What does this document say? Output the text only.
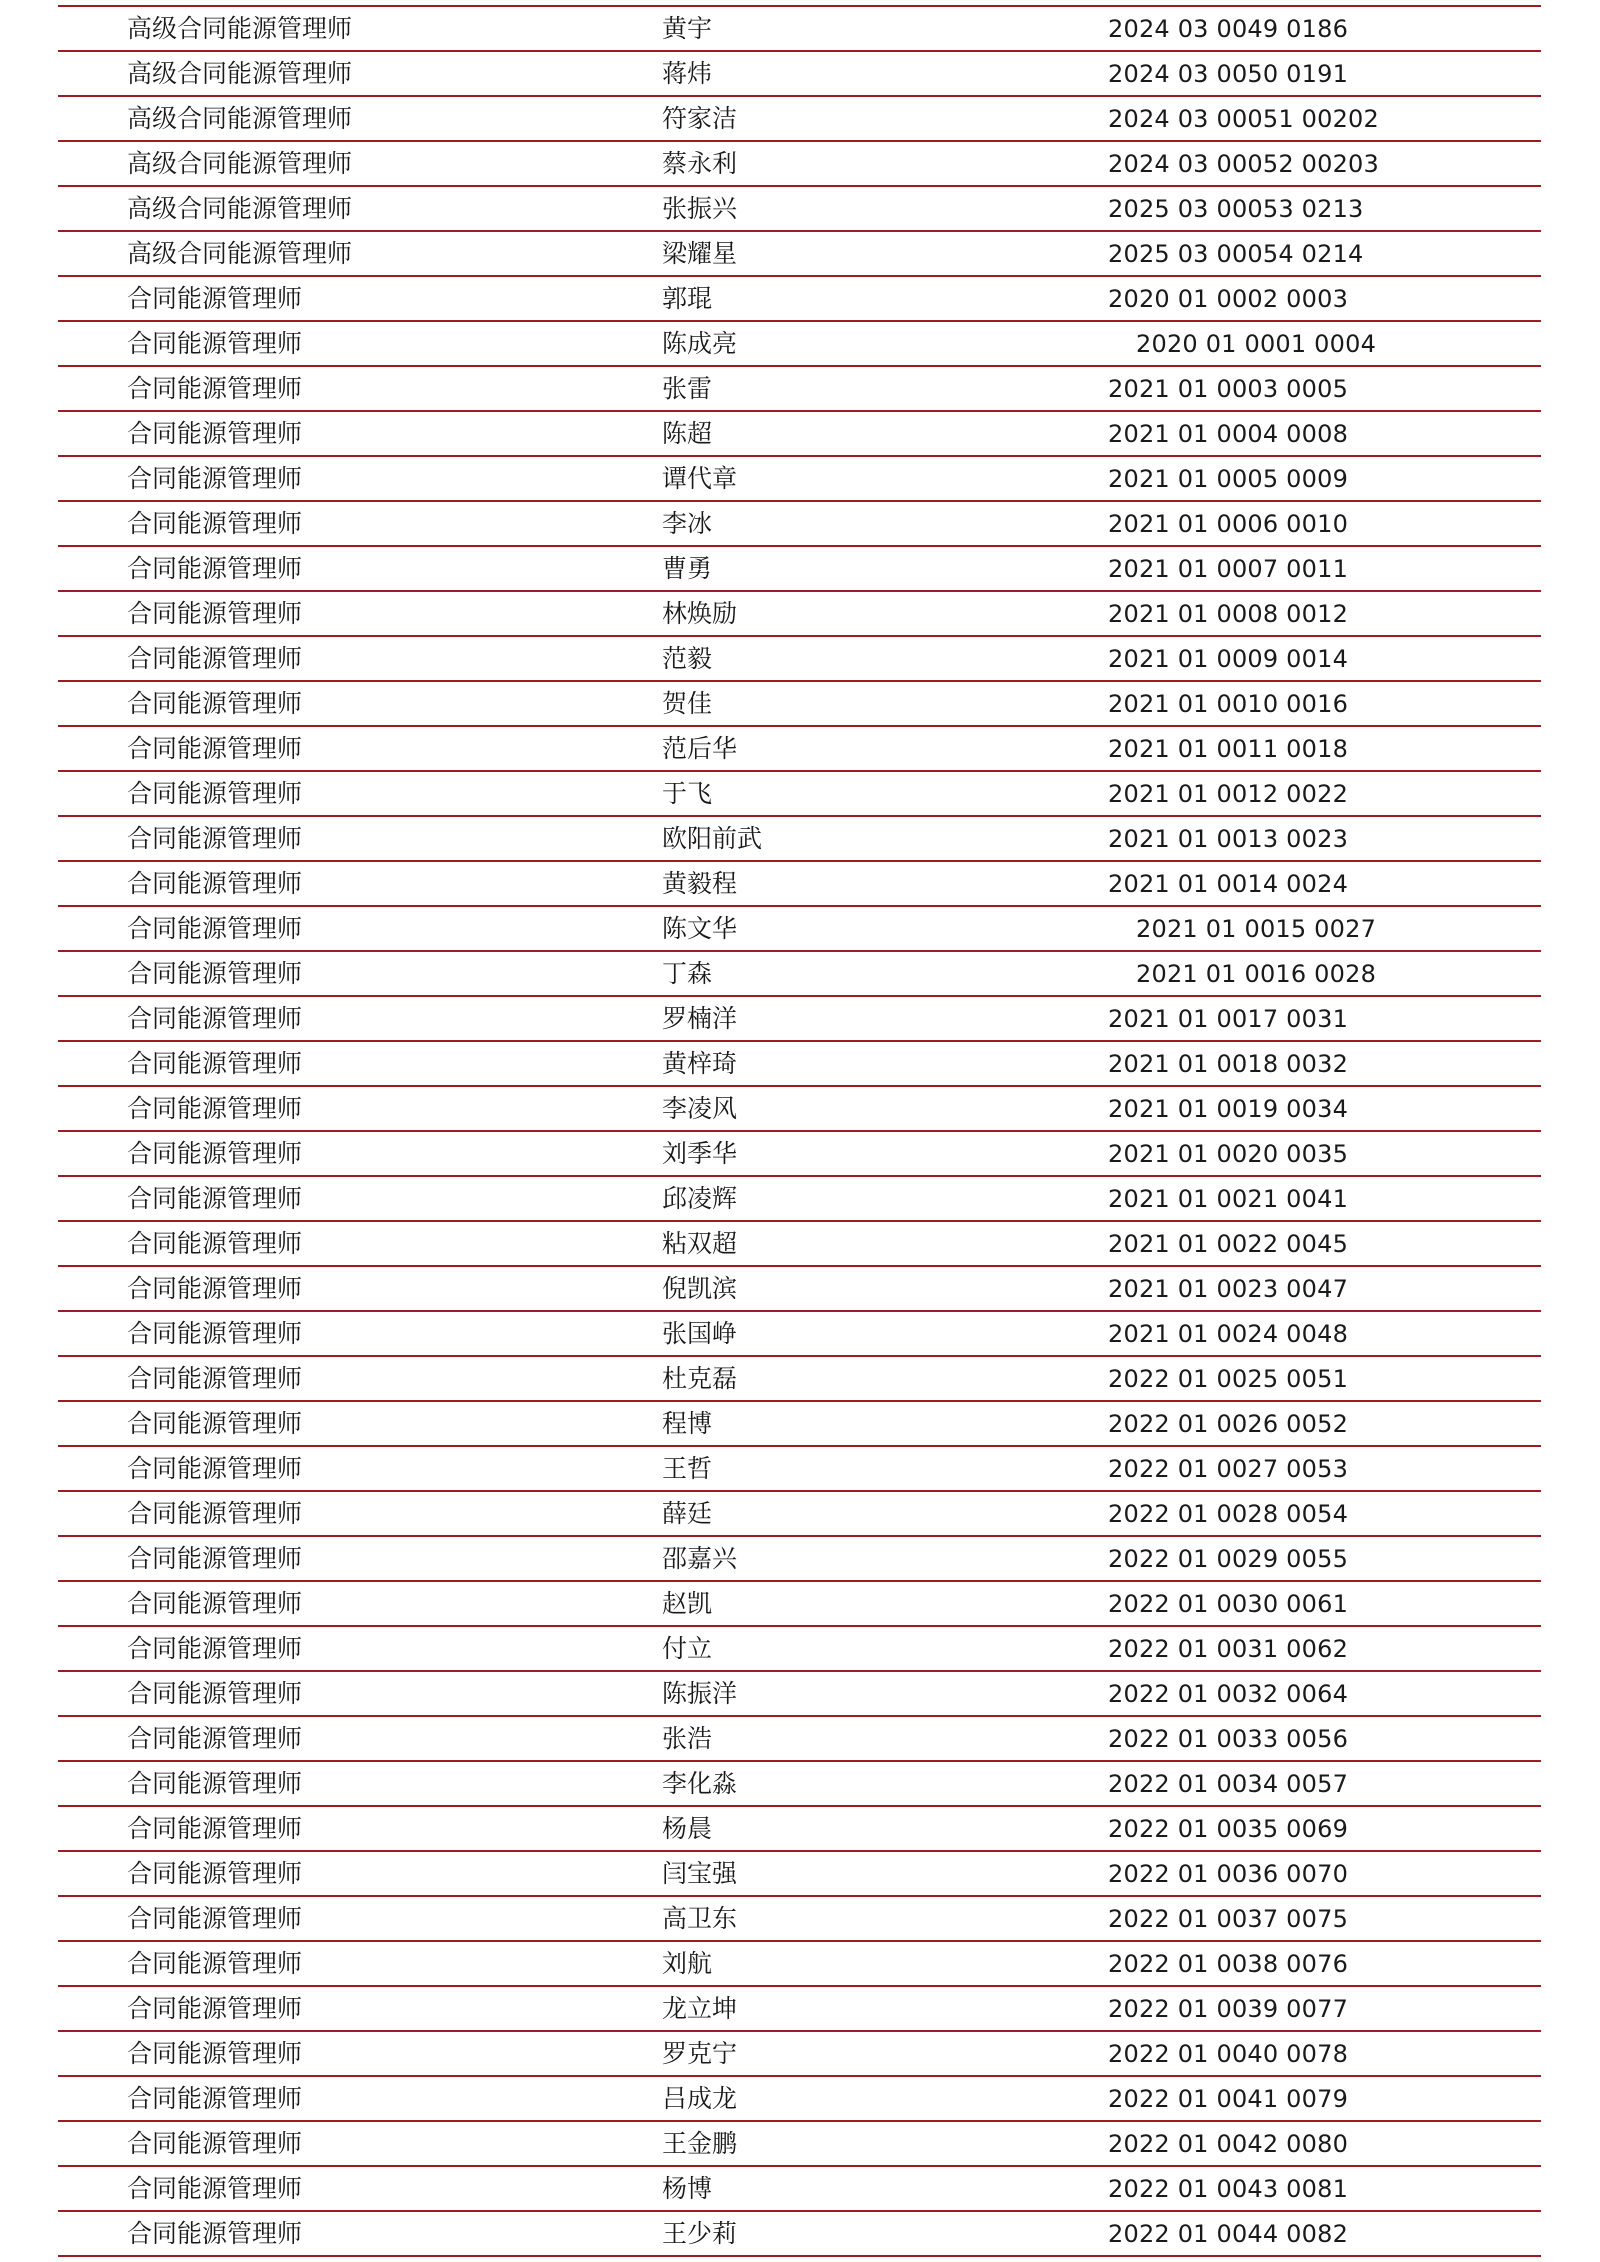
高级合同能源管理师	黄宇	2024 03 0049 0186
高级合同能源管理师	蒋炜	2024 03 0050 0191
高级合同能源管理师	符家洁	2024 03 00051 00202
高级合同能源管理师	蔡永利	2024 03 00052 00203
高级合同能源管理师	张振兴	2025 03 00053 0213
高级合同能源管理师	梁耀星	2025 03 00054 0214
合同能源管理师	郭琨	2020 01 0002 0003
合同能源管理师	陈成亮	2020 01 0001 0004
合同能源管理师	张雷	2021 01 0003 0005
合同能源管理师	陈超	2021 01 0004 0008
合同能源管理师	谭代章	2021 01 0005 0009
合同能源管理师	李冰	2021 01 0006 0010
合同能源管理师	曹勇	2021 01 0007 0011
合同能源管理师	林焕励	2021 01 0008 0012
合同能源管理师	范毅	2021 01 0009 0014
合同能源管理师	贺佳	2021 01 0010 0016
合同能源管理师	范后华	2021 01 0011 0018
合同能源管理师	于飞	2021 01 0012 0022
合同能源管理师	欧阳前武	2021 01 0013 0023
合同能源管理师	黄毅程	2021 01 0014 0024
合同能源管理师	陈文华	2021 01 0015 0027
合同能源管理师	丁森	2021 01 0016 0028
合同能源管理师	罗楠洋	2021 01 0017 0031
合同能源管理师	黄梓琦	2021 01 0018 0032
合同能源管理师	李凌风	2021 01 0019 0034
合同能源管理师	刘季华	2021 01 0020 0035
合同能源管理师	邱凌辉	2021 01 0021 0041
合同能源管理师	粘双超	2021 01 0022 0045
合同能源管理师	倪凯滨	2021 01 0023 0047
合同能源管理师	张国峥	2021 01 0024 0048
合同能源管理师	杜克磊	2022 01 0025 0051
合同能源管理师	程博	2022 01 0026 0052
合同能源管理师	王哲	2022 01 0027 0053
合同能源管理师	薛廷	2022 01 0028 0054
合同能源管理师	邵嘉兴	2022 01 0029 0055
合同能源管理师	赵凯	2022 01 0030 0061
合同能源管理师	付立	2022 01 0031 0062
合同能源管理师	陈振洋	2022 01 0032 0064
合同能源管理师	张浩	2022 01 0033 0056
合同能源管理师	李化淼	2022 01 0034 0057
合同能源管理师	杨晨	2022 01 0035 0069
合同能源管理师	闫宝强	2022 01 0036 0070
合同能源管理师	高卫东	2022 01 0037 0075
合同能源管理师	刘航	2022 01 0038 0076
合同能源管理师	龙立坤	2022 01 0039 0077
合同能源管理师	罗克宁	2022 01 0040 0078
合同能源管理师	吕成龙	2022 01 0041 0079
合同能源管理师	王金鹏	2022 01 0042 0080
合同能源管理师	杨博	2022 01 0043 0081
合同能源管理师	王少莉	2022 01 0044 0082
